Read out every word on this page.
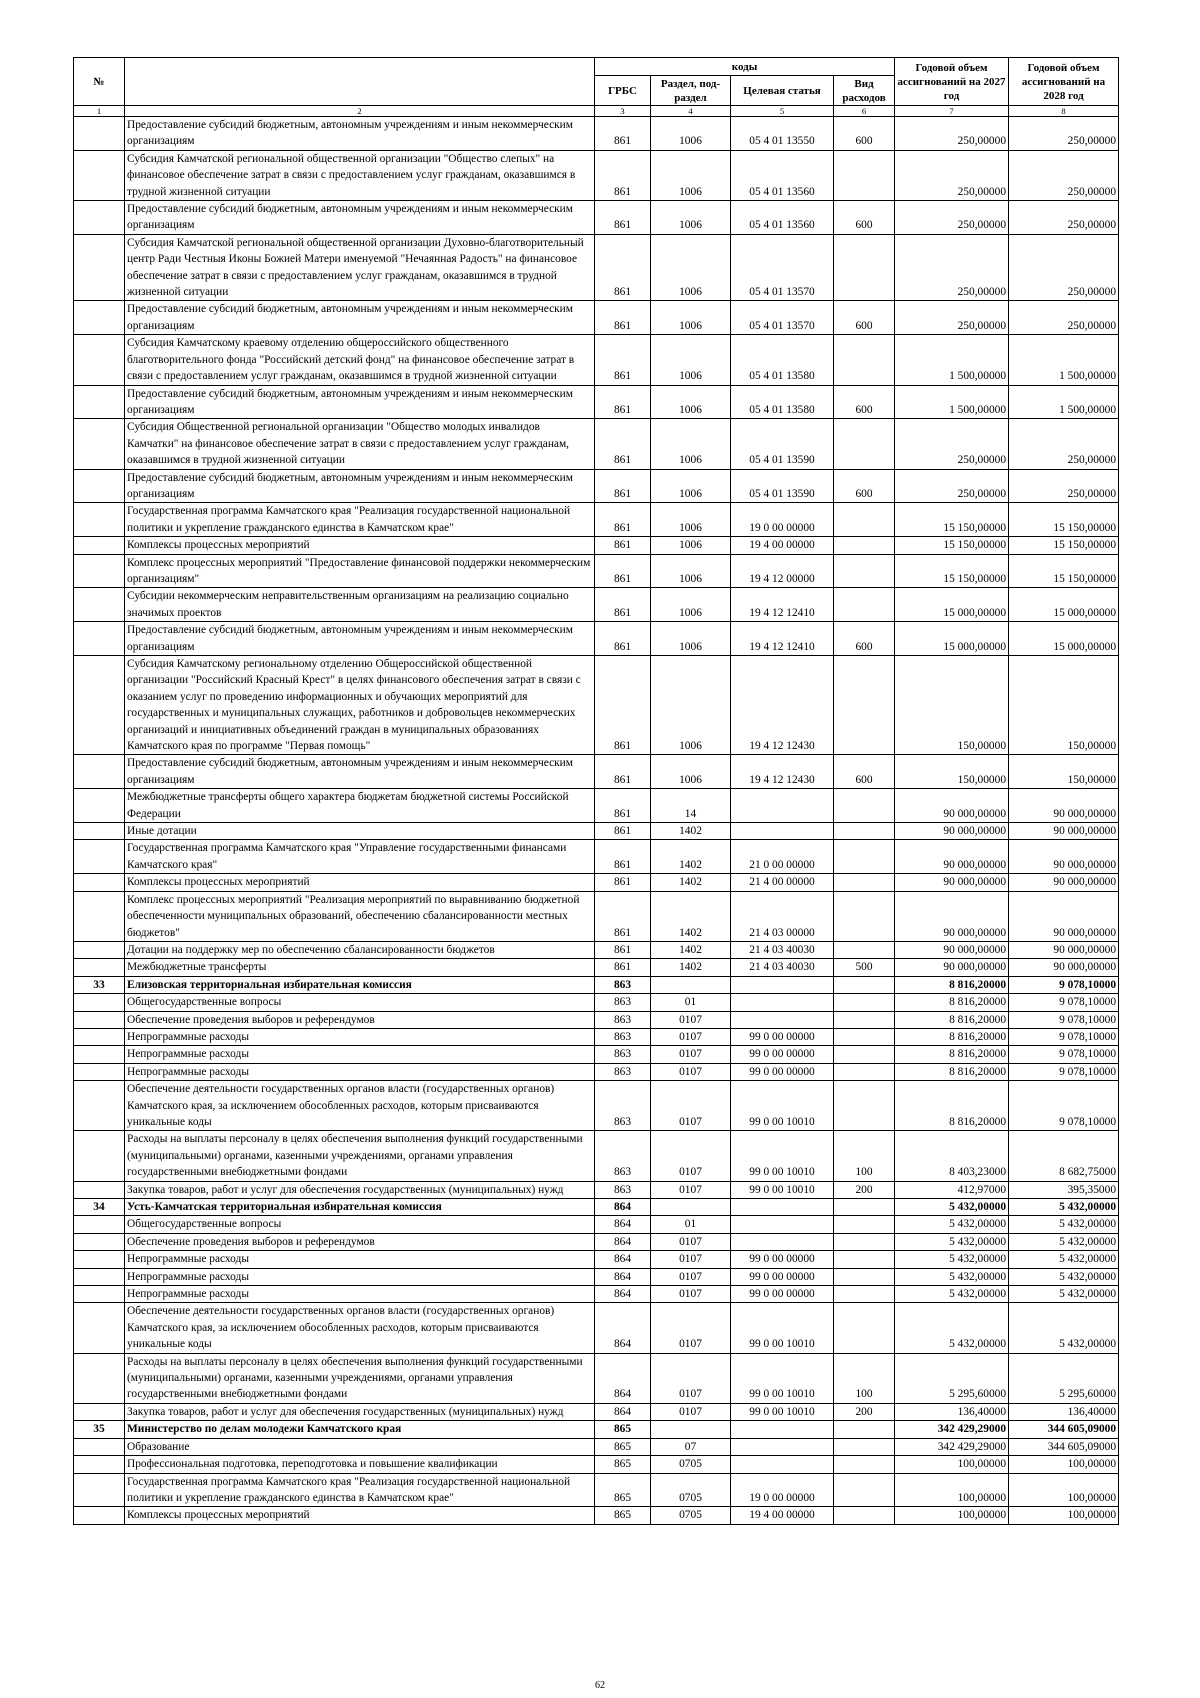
№		коды				Годовой объем ассигнований на 2027 год	Годовой объем ассигнований на 2028 год
		ГРБС	Раздел, под-раздел	Целевая статья	Вид расходов		
1	2	3	4	5	6	7	8
	Предоставление субсидий бюджетным, автономным учреждениям и иным некоммерческим организациям	861	1006	05 4 01 13550	600	250,00000	250,00000
	Субсидия Камчатской региональной общественной организации "Общество слепых" на финансовое обеспечение затрат в связи с предоставлением услуг гражданам, оказавшимся в трудной жизненной ситуации	861	1006	05 4 01 13560		250,00000	250,00000
	Предоставление субсидий бюджетным, автономным учреждениям и иным некоммерческим организациям	861	1006	05 4 01 13560	600	250,00000	250,00000
	Субсидия Камчатской региональной общественной организации Духовно-благотворительный центр Ради Честныя Иконы Божией Матери именуемой "Нечаянная Радость" на финансовое обеспечение затрат в связи с предоставлением услуг гражданам, оказавшимся в трудной жизненной ситуации	861	1006	05 4 01 13570		250,00000	250,00000
	Предоставление субсидий бюджетным, автономным учреждениям и иным некоммерческим организациям	861	1006	05 4 01 13570	600	250,00000	250,00000
	Субсидия Камчатскому краевому отделению общероссийского общественного благотворительного фонда "Российский детский фонд" на финансовое обеспечение затрат в связи с предоставлением услуг гражданам, оказавшимся в трудной жизненной ситуации	861	1006	05 4 01 13580		1 500,00000	1 500,00000
	Предоставление субсидий бюджетным, автономным учреждениям и иным некоммерческим организациям	861	1006	05 4 01 13580	600	1 500,00000	1 500,00000
	Субсидия Общественной региональной организации "Общество молодых инвалидов Камчатки" на финансовое обеспечение затрат в связи с предоставлением услуг гражданам, оказавшимся в трудной жизненной ситуации	861	1006	05 4 01 13590		250,00000	250,00000
	Предоставление субсидий бюджетным, автономным учреждениям и иным некоммерческим организациям	861	1006	05 4 01 13590	600	250,00000	250,00000
	Государственная программа Камчатского края "Реализация государственной национальной политики и укрепление гражданского единства в Камчатском крае"	861	1006	19 0 00 00000		15 150,00000	15 150,00000
	Комплексы процессных мероприятий	861	1006	19 4 00 00000		15 150,00000	15 150,00000
	Комплекс процессных мероприятий "Предоставление финансовой поддержки некоммерческим организациям"	861	1006	19 4 12 00000		15 150,00000	15 150,00000
	Субсидии некоммерческим неправительственным организациям на реализацию социально значимых проектов	861	1006	19 4 12 12410		15 000,00000	15 000,00000
	Предоставление субсидий бюджетным, автономным учреждениям и иным некоммерческим организациям	861	1006	19 4 12 12410	600	15 000,00000	15 000,00000
	Субсидия Камчатскому региональному отделению Общероссийской общественной организации "Российский Красный Крест" в целях финансового обеспечения затрат в связи с оказанием услуг по проведению информационных и обучающих мероприятий для государственных и муниципальных служащих, работников и добровольцев некоммерческих организаций и инициативных объединений граждан в муниципальных образованиях Камчатского края по программе "Первая помощь"	861	1006	19 4 12 12430		150,00000	150,00000
	Предоставление субсидий бюджетным, автономным учреждениям и иным некоммерческим организациям	861	1006	19 4 12 12430	600	150,00000	150,00000
	Межбюджетные трансферты общего характера бюджетам бюджетной системы Российской Федерации	861	14			90 000,00000	90 000,00000
	Иные дотации	861	1402			90 000,00000	90 000,00000
	Государственная программа Камчатского края "Управление государственными финансами Камчатского края"	861	1402	21 0 00 00000		90 000,00000	90 000,00000
	Комплексы процессных мероприятий	861	1402	21 4 00 00000		90 000,00000	90 000,00000
	Комплекс процессных мероприятий "Реализация мероприятий по выравниванию бюджетной обеспеченности муниципальных образований, обеспечению сбалансированности местных бюджетов"	861	1402	21 4 03 00000		90 000,00000	90 000,00000
	Дотации на поддержку мер по обеспечению сбалансированности бюджетов	861	1402	21 4 03 40030		90 000,00000	90 000,00000
	Межбюджетные трансферты	861	1402	21 4 03 40030	500	90 000,00000	90 000,00000
33	Елизовская территориальная избирательная комиссия	863				8 816,20000	9 078,10000
	Общегосударственные вопросы	863	01			8 816,20000	9 078,10000
	Обеспечение проведения выборов и референдумов	863	0107			8 816,20000	9 078,10000
	Непрограммные расходы	863	0107	99 0 00 00000		8 816,20000	9 078,10000
	Непрограммные расходы	863	0107	99 0 00 00000		8 816,20000	9 078,10000
	Непрограммные расходы	863	0107	99 0 00 00000		8 816,20000	9 078,10000
	Обеспечение деятельности государственных органов власти (государственных органов) Камчатского края, за исключением обособленных расходов, которым присваиваются уникальные коды	863	0107	99 0 00 10010		8 816,20000	9 078,10000
	Расходы на выплаты персоналу в целях обеспечения выполнения функций государственными (муниципальными) органами, казенными учреждениями, органами управления государственными внебюджетными фондами	863	0107	99 0 00 10010	100	8 403,23000	8 682,75000
	Закупка товаров, работ и услуг для обеспечения государственных (муниципальных) нужд	863	0107	99 0 00 10010	200	412,97000	395,35000
34	Усть-Камчатская территориальная избирательная комиссия	864				5 432,00000	5 432,00000
	Общегосударственные вопросы	864	01			5 432,00000	5 432,00000
	Обеспечение проведения выборов и референдумов	864	0107			5 432,00000	5 432,00000
	Непрограммные расходы	864	0107	99 0 00 00000		5 432,00000	5 432,00000
	Непрограммные расходы	864	0107	99 0 00 00000		5 432,00000	5 432,00000
	Непрограммные расходы	864	0107	99 0 00 00000		5 432,00000	5 432,00000
	Обеспечение деятельности государственных органов власти (государственных органов) Камчатского края, за исключением обособленных расходов, которым присваиваются уникальные коды	864	0107	99 0 00 10010		5 432,00000	5 432,00000
	Расходы на выплаты персоналу в целях обеспечения выполнения функций государственными (муниципальными) органами, казенными учреждениями, органами управления государственными внебюджетными фондами	864	0107	99 0 00 10010	100	5 295,60000	5 295,60000
	Закупка товаров, работ и услуг для обеспечения государственных (муниципальных) нужд	864	0107	99 0 00 10010	200	136,40000	136,40000
35	Министерство по делам молодежи Камчатского края	865				342 429,29000	344 605,09000
	Образование	865	07			342 429,29000	344 605,09000
	Профессиональная подготовка, переподготовка и повышение квалификации	865	0705			100,00000	100,00000
	Государственная программа Камчатского края "Реализация государственной национальной политики и укрепление гражданского единства в Камчатском крае"	865	0705	19 0 00 00000		100,00000	100,00000
	Комплексы процессных мероприятий	865	0705	19 4 00 00000		100,00000	100,00000
62
